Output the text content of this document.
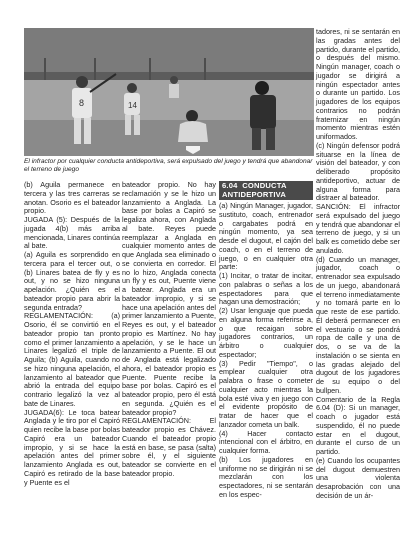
8	14
El infractor por cualquier conducta antideportiva, será expulsado del juego y tendrá que abandonar el terreno de juego

(b) Aguila permanece en tercera y las tres carreras se anotan. Osorio es el bateador propio.

JUGADA (5): Después de la jugada 4(b) más arriba mencionada, Linares continúa al bate.

(a) Aguila es sorprendido en tercera para el tercer out, o (b) Linares batea de fly y es out, y no se hizo ninguna apelación. ¿Quién es el bateador propio para abrir la segunda entrada?

REGLAMENTACIÓN: (a) Osorio, él se convirtió en el bateador propio tan pronto como el primer lanzamiento a Linares legalizó el triple de Aguila; (b) Aguila, cuando no se hizo ninguna apelación, el lanzamiento al bateador que abrió la entrada del equipo contrario legalizó la vez al bate de Linares.

JUGADA(6): Le toca batear Anglada y le tiro por el Capiró quien recibe la base por bolas Capiró era un bateador impropio, y si se hace la apelación antes del primer lanzamiento Anglada es out, Capiró es retirado de la base y Puente es el

bateador propio. No hay reclamación y se le hizo un lanzamiento a Anglada. La base por bolas a Capiró se legaliza ahora, con Anglada al bate. Reyes puede reemplazar a Anglada en cualquier momento antes de que Anglada sea eliminado o se convierta en corredor. El no lo hizo, Anglada conecta un fly y es out, Puente viene a batear. Anglada era un bateador impropio, y si se hace una apelación antes del primer lanzamiento a Puente, Reyes es out, y el bateador propio es Martínez. No hay apelación, y se le hace un lanzamiento a Puente. El out de Anglada está legalizado ahora, el bateador propio es Puente. Puente recibe la base por bolas. Capiró es el bateador propio, pero él está en segunda. ¿Quién es el bateador propio?

REGLAMENTACIÓN: El bateador propio es Chávez. Cuando el bateador propio está en base, se pasa (salta) sobre él, y el siguiente bateador se convierte en el bateador propio.

6.04 CONDUCTA
ANTIDEPORTIVA

(a) Ningún Manager, jugador, sustituto, coach, entrenador o cargabates podrá en ningún momento, ya sea desde el dugout, el cajón del coach, o en el terreno de juego, o en cualquier otra parte:

(1) Incitar, o tratar de incitar, con palabras o señas a los espectadores para que hagan una demostración;

(2) Usar lenguaje que pueda en alguna forma referirse a, o que recaigan sobre jugadores contrarios, un árbitro o cualquier espectador;

(3) Pedir "Tiempo", o emplear cualquier otra palabra o frase o cometer cualquier acto mientras la bola esté viva y en juego con el evidente propósito de tratar de hacer que el lanzador cometa un balk.

(4) Hacer contacto intencional con el árbitro, en cualquier forma.

(b) Los jugadores en uniforme no se dirigirán ni se mezclarán con los espectadores, ni se sentarán en los espec-

tadores, ni se sentarán en las gradas antes del partido, durante el partido, o después del mismo. Ningún manager, coach o jugador se dirigirá a ningún espectador antes o durante un partido. Los jugadores de los equipos contrarios no podrán fraternizar en ningún momento mientras estén uniformados.

(c) Ningún defensor podrá situarse en la línea de visión del bateador, y con deliberado propósito antideportivo, actuar de alguna forma para distraer al bateador.

SANCIÓN: El infractor será expulsado del juego y tendrá que abandonar el terreno de juego, y si un balk es cometido debe ser anulado.

(d) Cuando un manager, jugador, coach o entrenador sea expulsado de un juego, abandonará el terreno inmediatamente y no tomará parte en lo que reste de ese partido. Él deberá permanecer en el vestuario o se pondrá ropa de calle y una de dos, o se va de la instalación o se sienta en las gradas alejado del dugout de los jugadores de su equipo o del bullpen.

Comentario de la Regla 6.04 (D): Si un manager, coach o jugador está suspendido, él no puede estar en el dugout, durante el curso de un partido.

(e) Cuando los ocupantes del dugout demuestren una violenta desaprobación con una decisión de un ár-
